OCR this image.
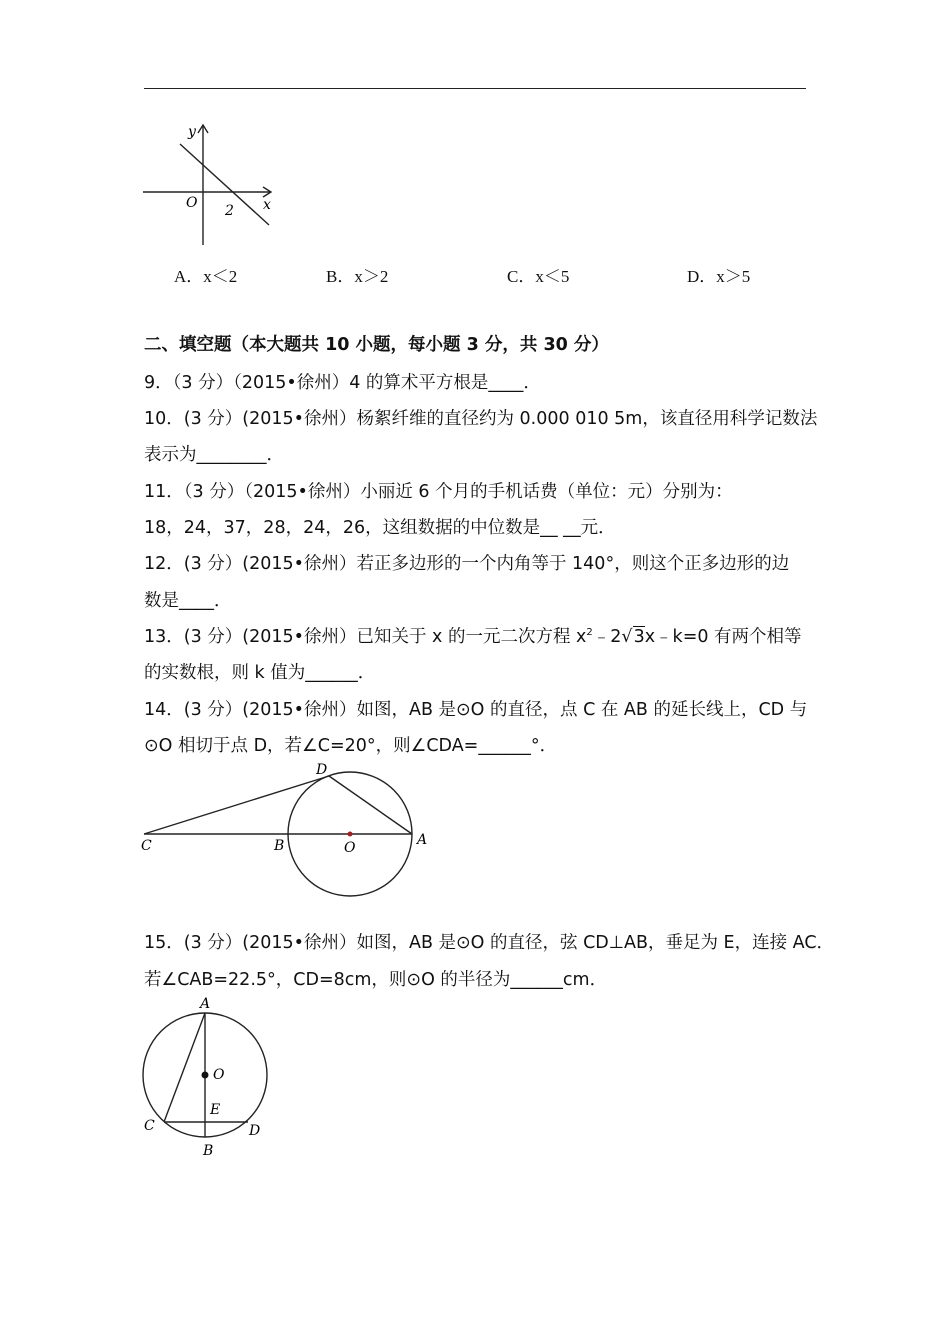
y
x
O 2
A．x＜2	B．x＞2	C．x＜5	D．x＞5
二、填空题（本大题共 10 小题，每小题 3 分，共 30 分）
9．（3 分）（2015•徐州）4 的算术平方根是____．
10．(3 分）(2015•徐州）杨絮纤维的直径约为 0.000 010 5m，该直径用科学记数法
表示为________．
11．（3 分）（2015•徐州）小丽近 6 个月的手机话费（单位：元）分别为：
18，24，37，28，24，26，这组数据的中位数是__ __元．
12．(3 分）(2015•徐州）若正多边形的一个内角等于 140°，则这个正多边形的边
数是____．
13．(3 分）(2015•徐州）已知关于 x 的一元二次方程 $x^2﹣2√3x﹣k=0$ 有两个相等
的实数根，则 k 值为______．
14．(3 分）(2015•徐州）如图，AB 是⊙O 的直径，点 C 在 AB 的延长线上，CD 与
⊙O 相切于点 D，若∠C=20°，则∠CDA=______°．
D
C	B	O	A
15．(3 分）(2015•徐州）如图，AB 是⊙O 的直径，弦 CD⊥AB，垂足为 E，连接 AC．
若∠CAB=22.5°，CD=8cm，则⊙O 的半径为______cm．
A
O
E
C	D
B
